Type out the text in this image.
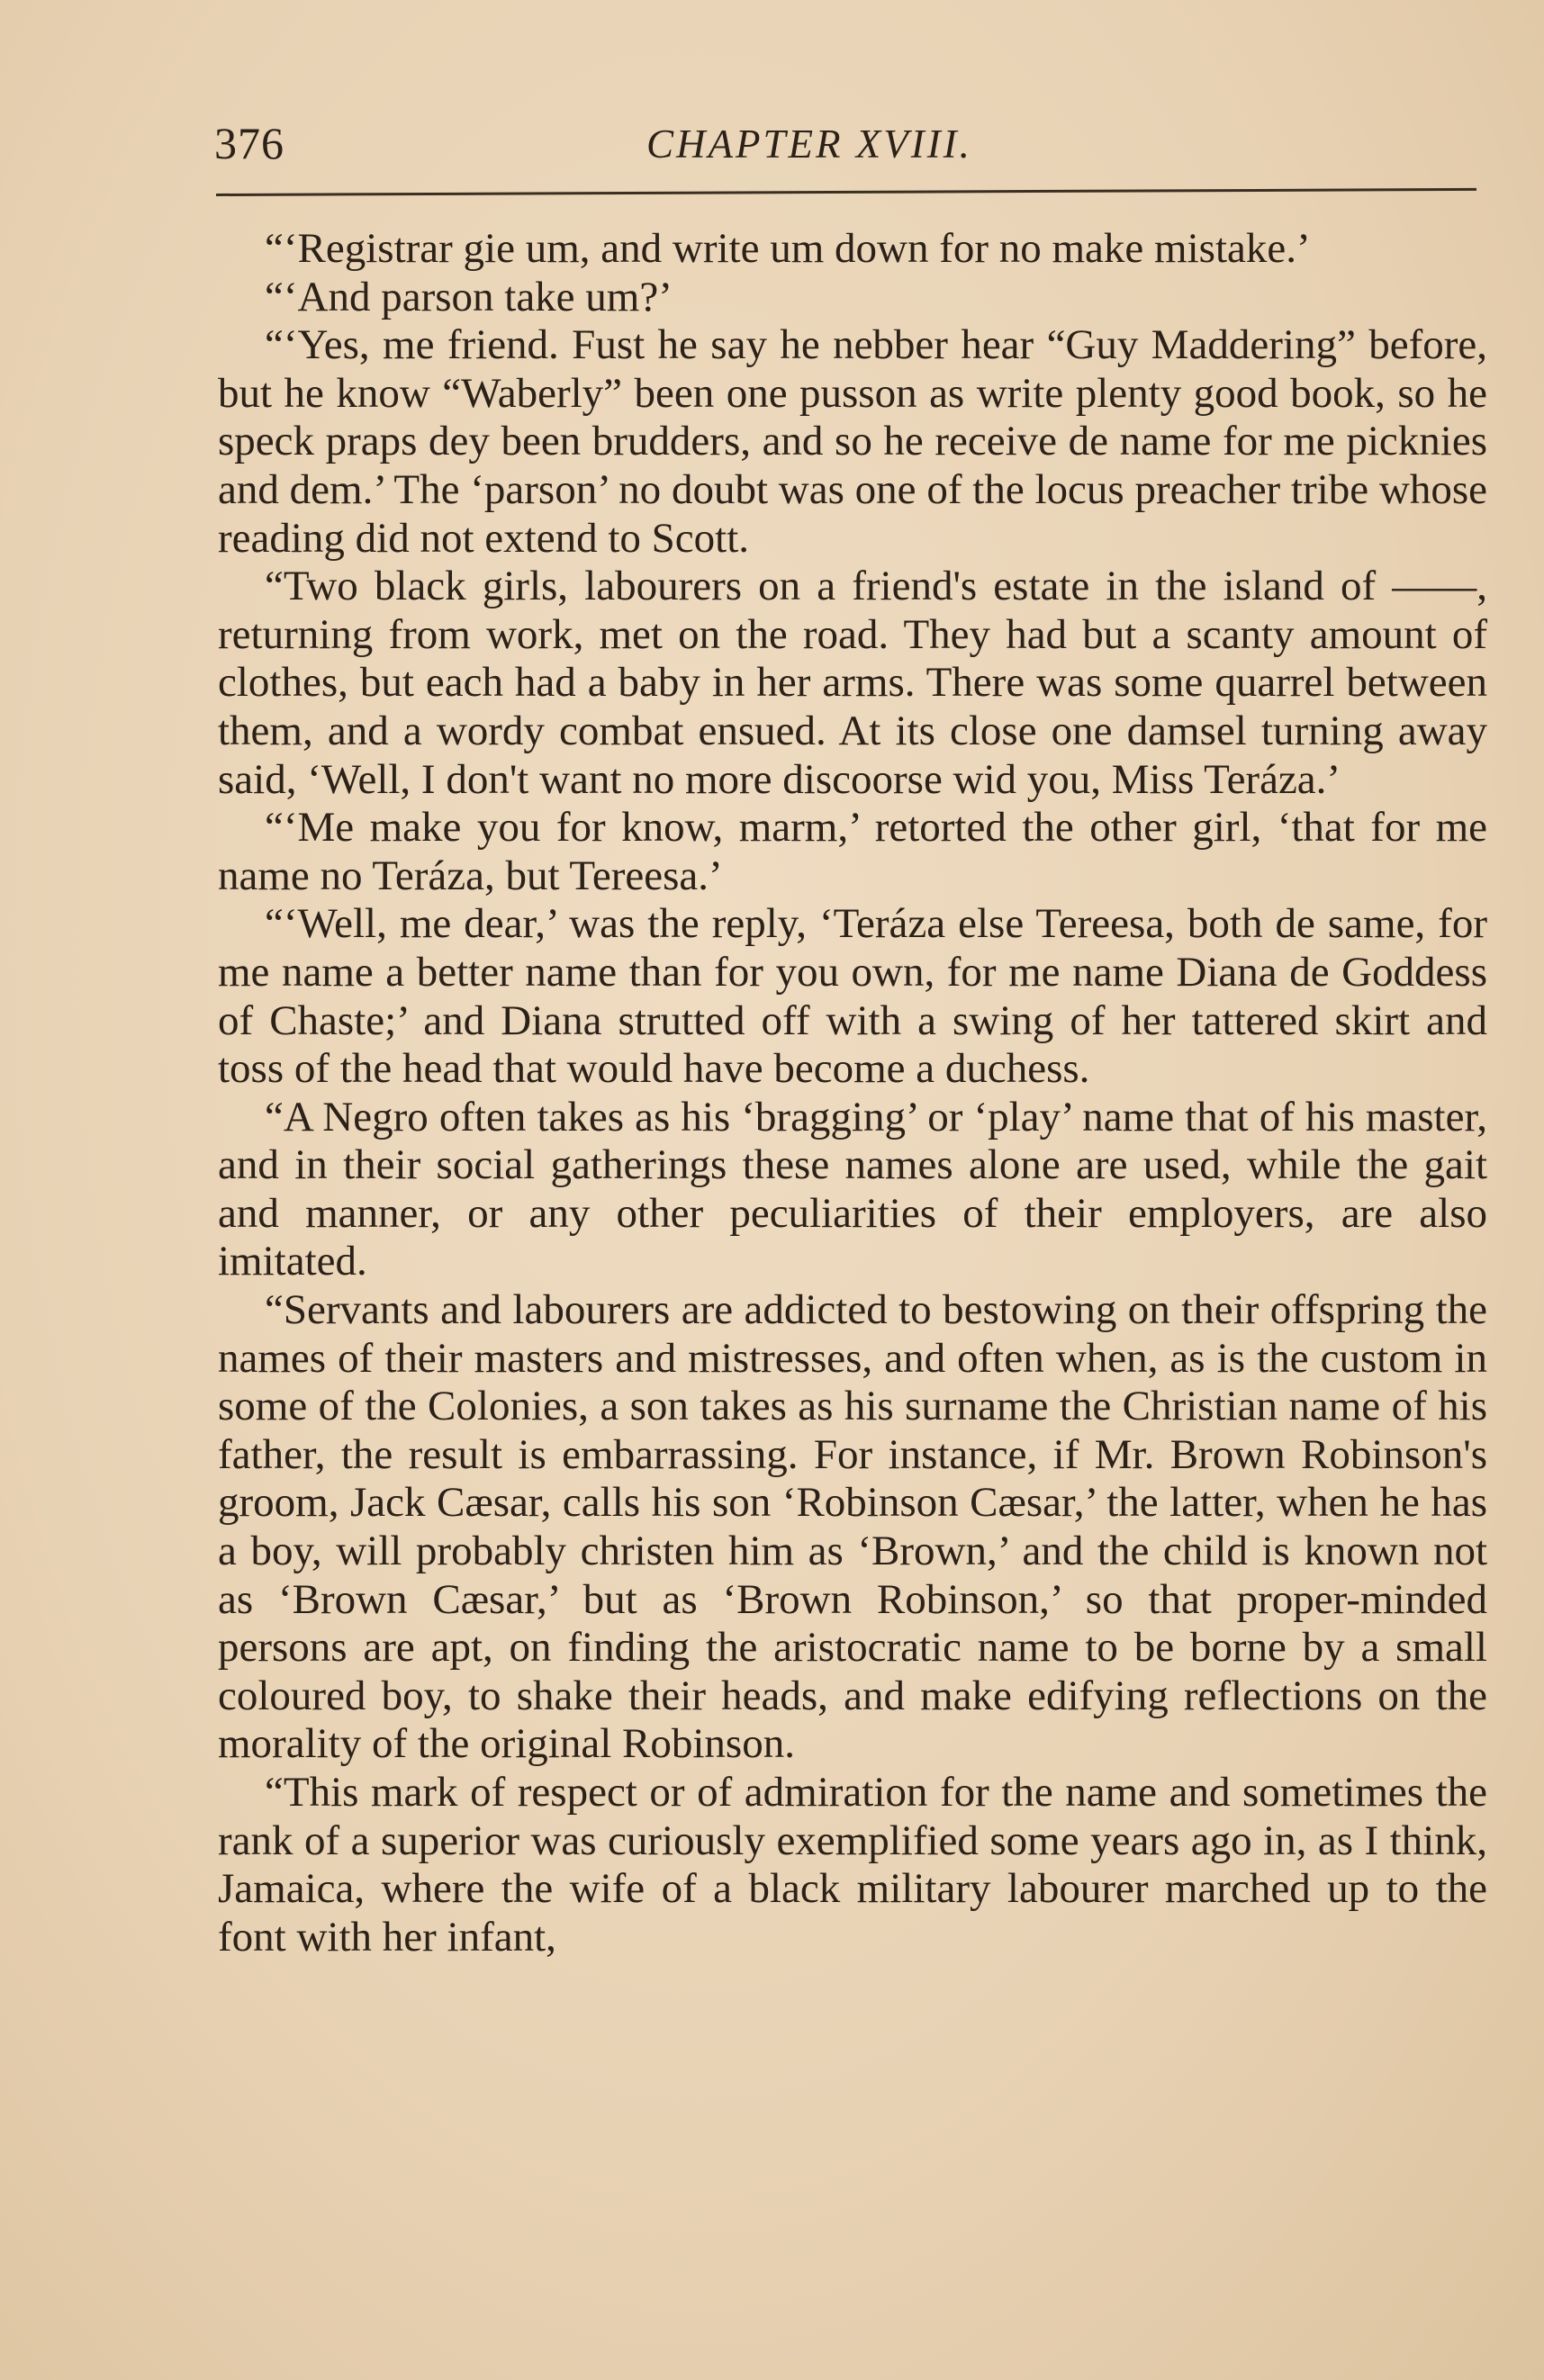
376	CHAPTER XVIII.

“‘Registrar gie um, and write um down for no make mistake.’

“‘And parson take um?’

“‘Yes, me friend. Fust he say he nebber hear “Guy Maddering” before, but he know “Waberly” been one pusson as write plenty good book, so he speck praps dey been brudders, and so he receive de name for me picknies and dem.’ The ‘parson’ no doubt was one of the locus preacher tribe whose reading did not extend to Scott.

“Two black girls, labourers on a friend's estate in the island of ——, returning from work, met on the road. They had but a scanty amount of clothes, but each had a baby in her arms. There was some quarrel between them, and a wordy combat ensued. At its close one damsel turning away said, ‘Well, I don't want no more discoorse wid you, Miss Teráza.’

“‘Me make you for know, marm,’ retorted the other girl, ‘that for me name no Teráza, but Tereesa.’

“‘Well, me dear,’ was the reply, ‘Teráza else Tereesa, both de same, for me name a better name than for you own, for me name Diana de Goddess of Chaste;’ and Diana strutted off with a swing of her tattered skirt and toss of the head that would have become a duchess.

“A Negro often takes as his ‘bragging’ or ‘play’ name that of his master, and in their social gatherings these names alone are used, while the gait and manner, or any other peculiarities of their employers, are also imitated.

“Servants and labourers are addicted to bestowing on their offspring the names of their masters and mistresses, and often when, as is the custom in some of the Colonies, a son takes as his surname the Christian name of his father, the result is embarrassing. For instance, if Mr. Brown Robinson's groom, Jack Cæsar, calls his son ‘Robinson Cæsar,’ the latter, when he has a boy, will probably christen him as ‘Brown,’ and the child is known not as ‘Brown Cæsar,’ but as ‘Brown Robinson,’ so that proper-minded persons are apt, on finding the aristocratic name to be borne by a small coloured boy, to shake their heads, and make edifying reflections on the morality of the original Robinson.

“This mark of respect or of admiration for the name and sometimes the rank of a superior was curiously exemplified some years ago in, as I think, Jamaica, where the wife of a black military labourer marched up to the font with her infant,
